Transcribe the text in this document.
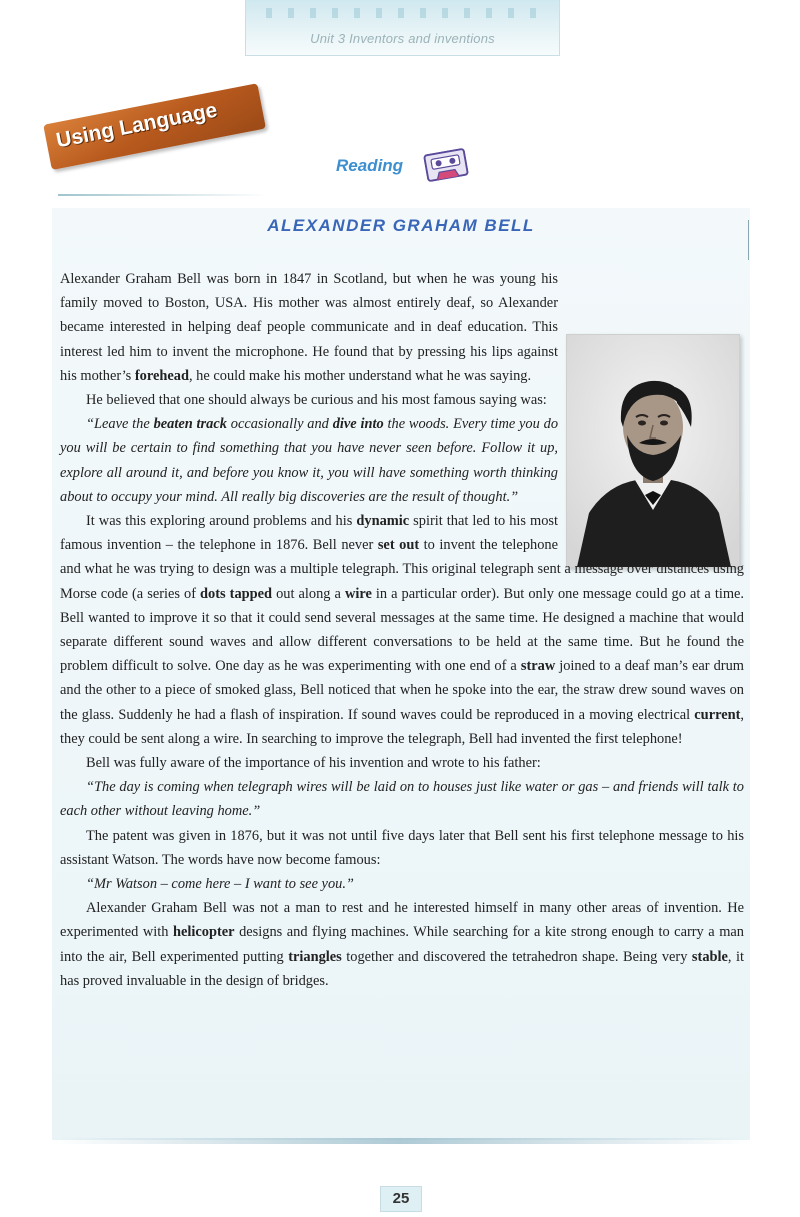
Unit 3 Inventors and inventions
Using Language
Reading
ALEXANDER GRAHAM BELL

Alexander Graham Bell was born in 1847 in Scotland, but when he was young his family moved to Boston, USA. His mother was almost entirely deaf, so Alexander became interested in helping deaf people communicate and in deaf education. This interest led him to invent the microphone. He found that by pressing his lips against his mother’s forehead, he could make his mother understand what he was saying.

He believed that one should always be curious and his most famous saying was:

“Leave the beaten track occasionally and dive into the woods. Every time you do you will be certain to find something that you have never seen before. Follow it up, explore all around it, and before you know it, you will have something worth thinking about to occupy your mind. All really big discoveries are the result of thought.”

It was this exploring around problems and his dynamic spirit that led to his most famous invention – the telephone in 1876. Bell never set out to invent the telephone and what he was trying to design was a multiple telegraph. This original telegraph sent a message over distances using Morse code (a series of dots tapped out along a wire in a particular order). But only one message could go at a time. Bell wanted to improve it so that it could send several messages at the same time. He designed a machine that would separate different sound waves and allow different conversations to be held at the same time. But he found the problem difficult to solve. One day as he was experimenting with one end of a straw joined to a deaf man’s ear drum and the other to a piece of smoked glass, Bell noticed that when he spoke into the ear, the straw drew sound waves on the glass. Suddenly he had a flash of inspiration. If sound waves could be reproduced in a moving electrical current, they could be sent along a wire. In searching to improve the telegraph, Bell had invented the first telephone!

Bell was fully aware of the importance of his invention and wrote to his father:

“The day is coming when telegraph wires will be laid on to houses just like water or gas – and friends will talk to each other without leaving home.”

The patent was given in 1876, but it was not until five days later that Bell sent his first telephone message to his assistant Watson. The words have now become famous:

“Mr Watson – come here – I want to see you.”

Alexander Graham Bell was not a man to rest and he interested himself in many other areas of invention. He experimented with helicopter designs and flying machines. While searching for a kite strong enough to carry a man into the air, Bell experimented putting triangles together and discovered the tetrahedron shape. Being very stable, it has proved invaluable in the design of bridges.

25
